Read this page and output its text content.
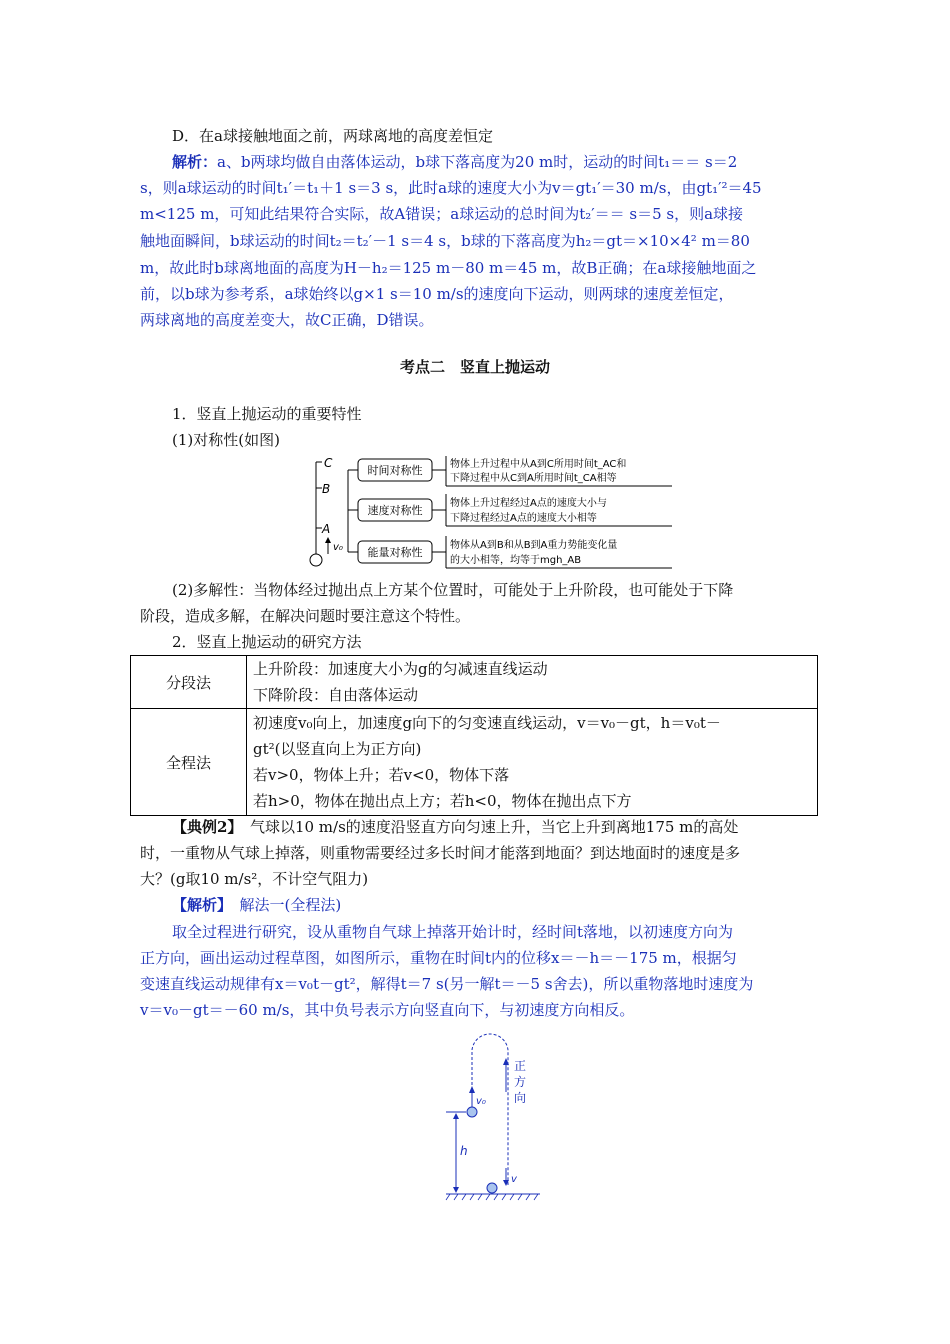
D．在a球接触地面之前，两球离地的高度差恒定
解析：a、b两球均做自由落体运动，b球下落高度为20 m时，运动的时间t₁＝＝ s＝2
s，则a球运动的时间t₁′＝t₁＋1 s＝3 s，此时a球的速度大小为v＝gt₁′＝30 m/s，由gt₁′²＝45
m<125 m，可知此结果符合实际，故A错误；a球运动的总时间为t₂′＝＝ s＝5 s，则a球接
触地面瞬间，b球运动的时间t₂＝t₂′－1 s＝4 s，b球的下落高度为h₂＝gt＝×10×4² m＝80
m，故此时b球离地面的高度为H－h₂＝125 m－80 m＝45 m，故B正确；在a球接触地面之
前，以b球为参考系，a球始终以g×1 s＝10 m/s的速度向下运动，则两球的速度差恒定，
两球离地的高度差变大，故C正确，D错误。
考点二　竖直上抛运动
1．竖直上抛运动的重要特性
(1)对称性(如图)
C
B
A
v₀
时间对称性	物体上升过程中从A到C所用时间t_AC和
下降过程中从C到A所用时间t_CA相等
速度对称性
物体上升过程经过A点的速度大小与
下降过程经过A点的速度大小相等
能量对称性
物体从A到B和从B到A重力势能变化量
的大小相等，均等于mgh_AB
(2)多解性：当物体经过抛出点上方某个位置时，可能处于上升阶段，也可能处于下降
阶段，造成多解，在解决问题时要注意这个特性。
2．竖直上抛运动的研究方法
分段法	上升阶段：加速度大小为g的匀减速直线运动
下降阶段：自由落体运动

全程法	初速度v₀向上，加速度g向下的匀变速直线运动，v＝v₀－gt，h＝v₀t－
gt²(以竖直向上为正方向)
若v>0，物体上升；若v<0，物体下落
若h>0，物体在抛出点上方；若h<0，物体在抛出点下方
【典例2】　气球以10 m/s的速度沿竖直方向匀速上升，当它上升到离地175 m的高处
时，一重物从气球上掉落，则重物需要经过多长时间才能落到地面？到达地面时的速度是多
大？(g取10 m/s²，不计空气阻力)
【解析】　解法一(全程法)
取全过程进行研究，设从重物自气球上掉落开始计时，经时间t落地，以初速度方向为
正方向，画出运动过程草图，如图所示，重物在时间t内的位移x＝－h＝－175 m，根据匀
变速直线运动规律有x＝v₀t－gt²，解得t＝7 s(另一解t＝－5 s舍去)，所以重物落地时速度为
v＝v₀－gt＝－60 m/s，其中负号表示方向竖直向下，与初速度方向相反。
v₀
h
v
正
方
向
